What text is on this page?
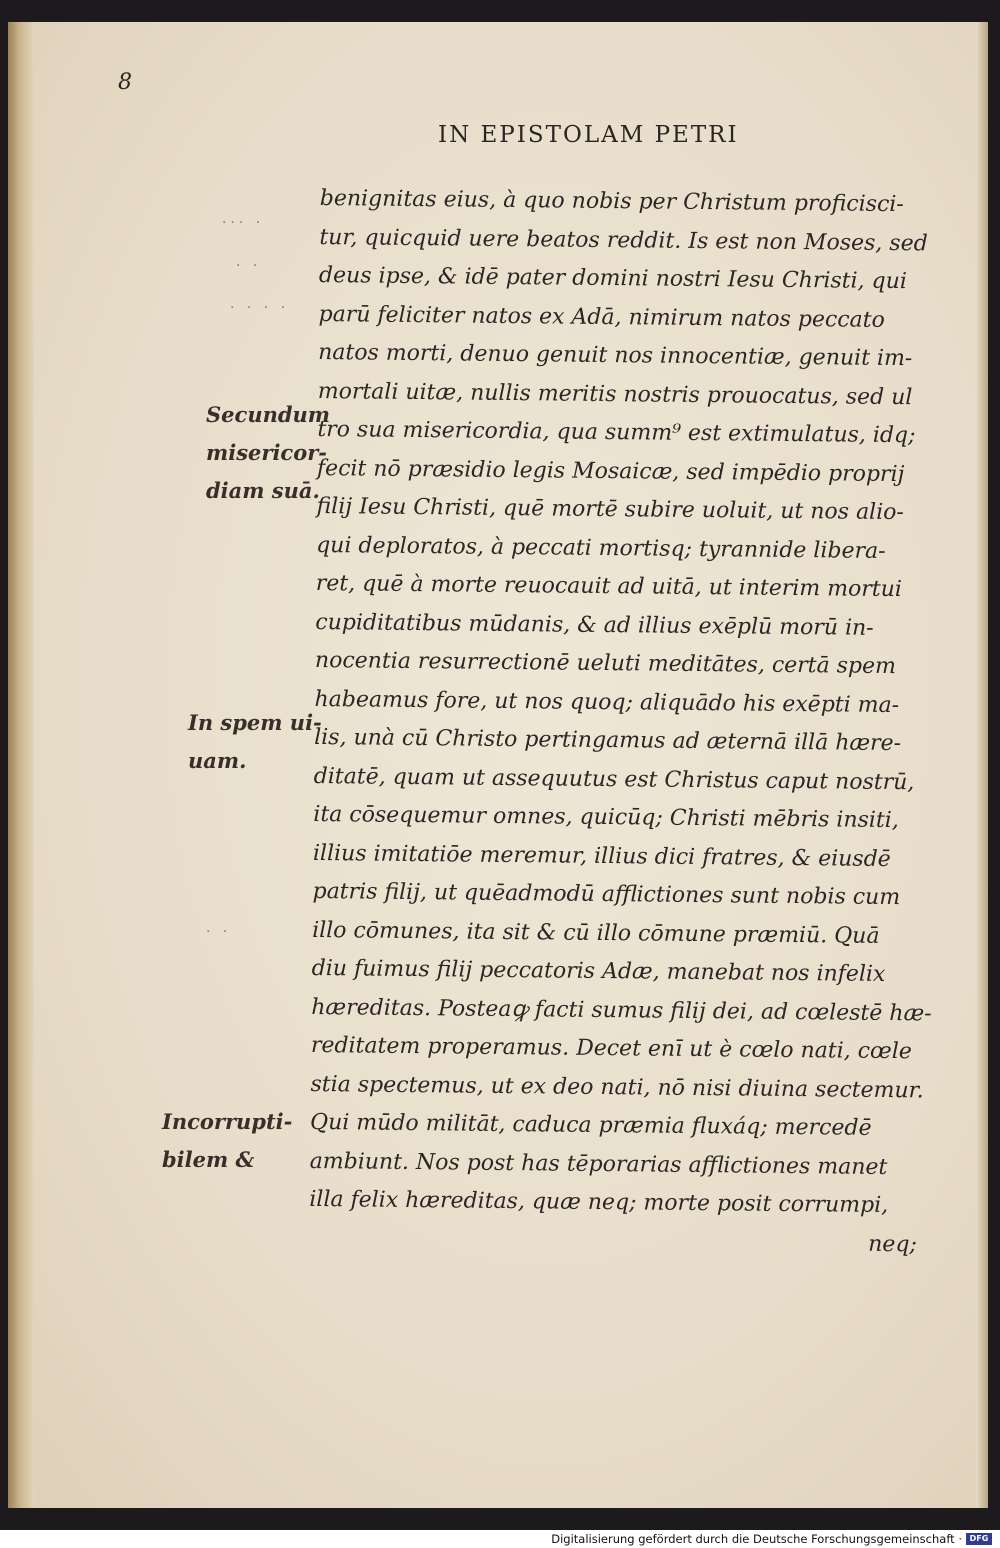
8
IN EPISTOLAM PETRI
··· ·
· ·
· · · ·
· ·
benignitas eius, à quo nobis per Christum proficisci-
tur, quicquid uere beatos reddit. Is est non Moses, sed
deus ipse, & idē pater domini nostri Iesu Christi, qui
parū feliciter natos ex Adā, nimirum natos peccato
natos morti, denuo genuit nos innocentiæ, genuit im-
mortali uitæ, nullis meritis nostris prouocatus, sed ul
tro sua misericordia, qua summ⁹ est extimulatus, idq;
fecit nō præsidio legis Mosaicæ, sed impēdio proprij
filij Iesu Christi, quē mortē subire uoluit, ut nos alio-
qui deploratos, à peccati mortisq; tyrannide libera-
ret, quē à morte reuocauit ad uitā, ut interim mortui
cupiditatibus mūdanis, & ad illius exēplū morū in-
nocentia resurrectionē ueluti meditātes, certā spem
habeamus fore, ut nos quoq; aliquādo his exēpti ma-
lis, unà cū Christo pertingamus ad æternā illā hære-
ditatē, quam ut assequutus est Christus caput nostrū,
ita cōsequemur omnes, quicūq; Christi mēbris insiti,
illius imitatiōe meremur, illius dici fratres, & eiusdē
patris filij, ut quēadmodū afflictiones sunt nobis cum
illo cōmunes, ita sit & cū illo cōmune præmiū. Quā
diu fuimus filij peccatoris Adæ, manebat nos infelix
hæreditas. Posteaꝙ facti sumus filij dei, ad cœlestē hæ-
reditatem properamus. Decet enī ut è cœlo nati, cœle
stia spectemus, ut ex deo nati, nō nisi diuina sectemur.
Qui mūdo militāt, caduca præmia fluxáq; mercedē
ambiunt. Nos post has tēporarias afflictiones manet
illa felix hæreditas, quæ neq; morte posit corrumpi,
neq;
Secundum
misericor-
diam suā.
In spem ui-
uam.
Incorrupti-
bilem &
Digitalisierung gefördert durch die Deutsche Forschungsgemeinschaft · DFG
